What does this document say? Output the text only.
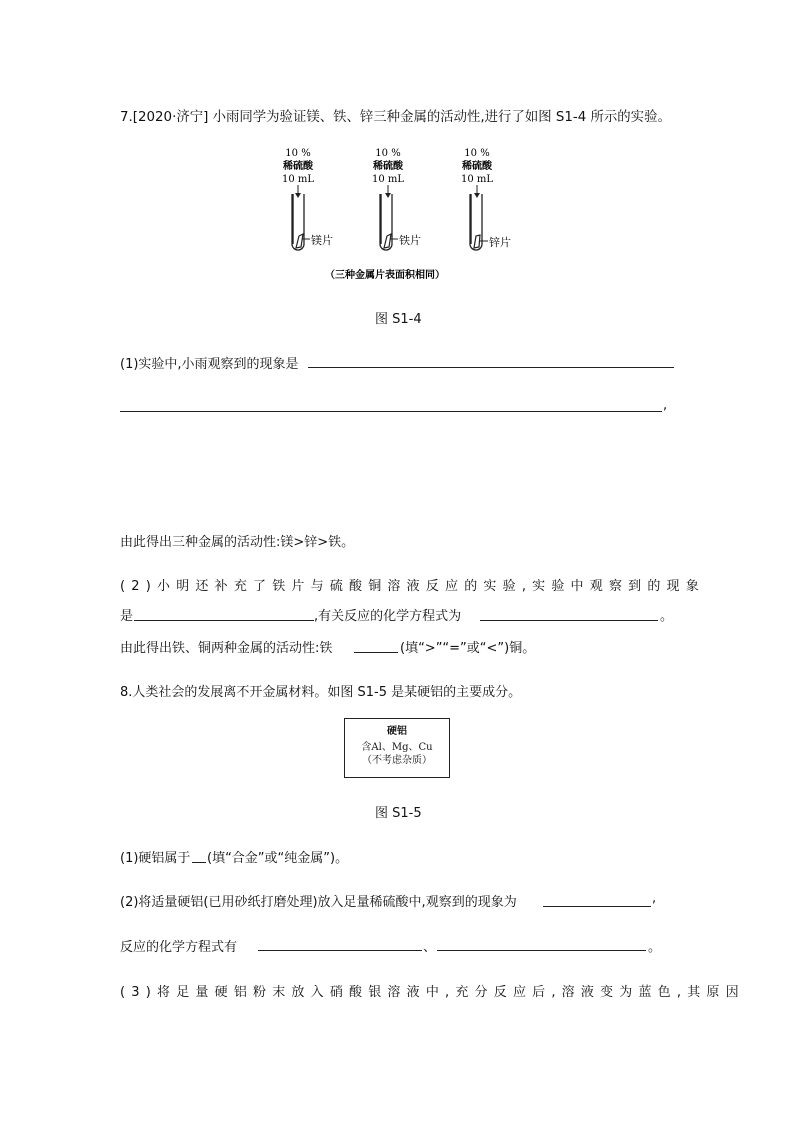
7.[2020·济宁] 小雨同学为验证镁、铁、锌三种金属的活动性,进行了如图 S1-4 所示的实验。
10 %
稀硫酸
10 mL
镁片
10 %
稀硫酸
10 mL
铁片
10 %
稀硫酸
10 mL
锌片
（三种金属片表面积相同）
图 S1-4
(1)实验中,小雨观察到的现象是
,
由此得出三种金属的活动性:镁>锌>铁。
(2)小明还补充了铁片与硫酸铜溶液反应的实验,实验中观察到的现象
是	,有关反应的化学方程式为	。
由此得出铁、铜两种金属的活动性:铁	(填“>”“=”或“<”)铜。
8.人类社会的发展离不开金属材料。如图 S1-5 是某硬铝的主要成分。
硬铝
含Al、Mg、Cu
（不考虑杂质）
图 S1-5
(1)硬铝属于 (填“合金”或“纯金属”)。
(2)将适量硬铝(已用砂纸打磨处理)放入足量稀硫酸中,观察到的现象为	,
反应的化学方程式有	、	。
(3)将足量硬铝粉末放入硝酸银溶液中,充分反应后,溶液变为蓝色,其原因
